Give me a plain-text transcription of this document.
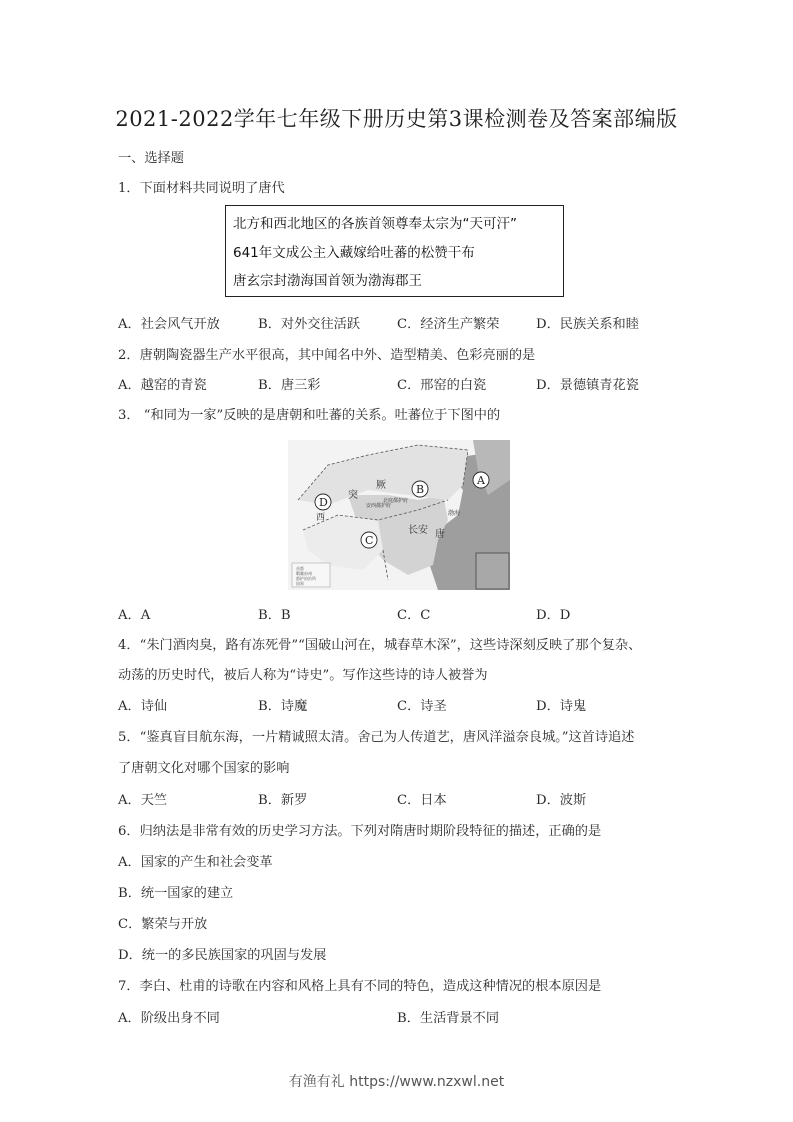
2021-2022学年七年级下册历史第3课检测卷及答案部编版
一、选择题
1．下面材料共同说明了唐代
北方和西北地区的各族首领尊奉太宗为“天可汗”
641年文成公主入藏嫁给吐蕃的松赞干布
唐玄宗封渤海国首领为渤海郡王
A．社会风气开放	B．对外交往活跃	C．经济生产繁荣	D．民族关系和睦
2．唐朝陶瓷器生产水平很高，其中闻名中外、造型精美、色彩亮丽的是
A．越窑的青瓷	B．唐三彩	C．邢窑的白瓷	D．景德镇青花瓷
3． “和同为一家”反映的是唐朝和吐蕃的关系。吐蕃位于下图中的
首都
羁縻府州
都护府治所
国界
A
B
C
D
突
厥
西
长安 唐
北庭都护府
安西都护府
渤海
A．A	B．B	C．C	D．D
4．“朱门酒肉臭，路有冻死骨”“国破山河在，城春草木深”，这些诗深刻反映了那个复杂、
动荡的历史时代，被后人称为“诗史”。写作这些诗的诗人被誉为
A．诗仙	B．诗魔	C．诗圣	D．诗鬼
5．“鉴真盲目航东海，一片精诚照太清。舍己为人传道艺，唐风洋溢奈良城。”这首诗追述
了唐朝文化对哪个国家的影响
A．天竺	B．新罗	C．日本	D．波斯
6．归纳法是非常有效的历史学习方法。下列对隋唐时期阶段特征的描述，正确的是
A．国家的产生和社会变革
B．统一国家的建立
C．繁荣与开放
D．统一的多民族国家的巩固与发展
7．李白、杜甫的诗歌在内容和风格上具有不同的特色，造成这种情况的根本原因是
A．阶级出身不同	B．生活背景不同
有渔有礼 https://www.nzxwl.net
